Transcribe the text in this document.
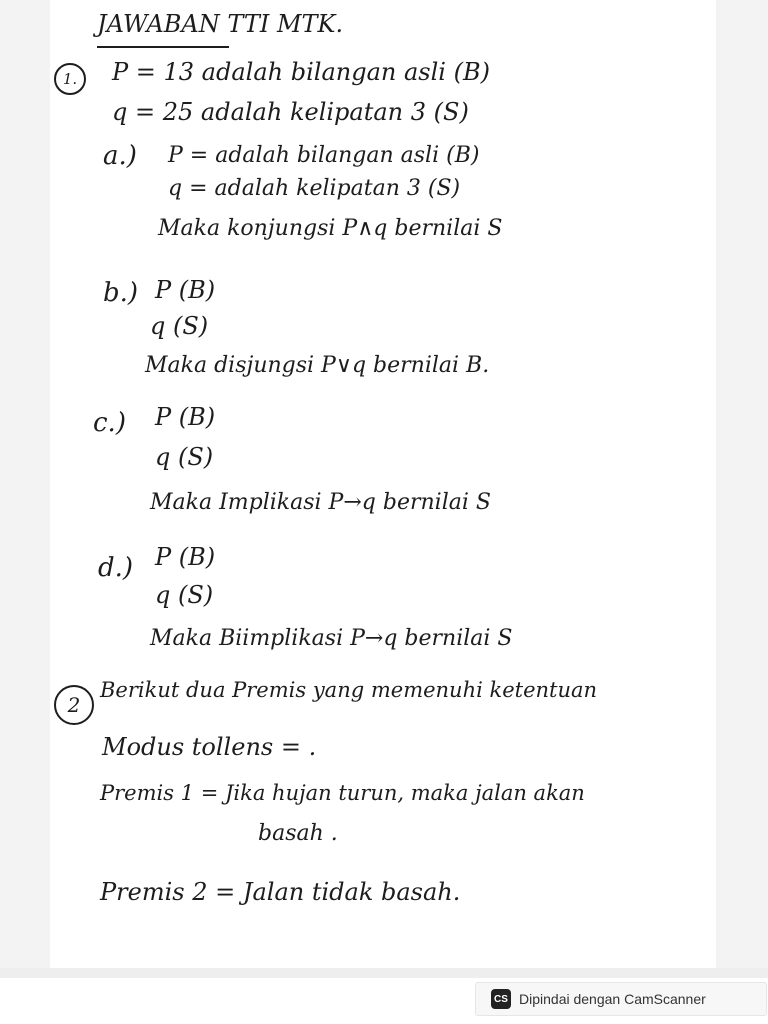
JAWABAN TTI MTK.
1.	P = 13 adalah bilangan asli (B)
q = 25 adalah kelipatan 3 (S)
a.) P = adalah bilangan asli (B)
q = adalah kelipatan 3 (S)
Maka konjungsi P∧q bernilai S
b.) P (B)
q (S)
Maka disjungsi P∨q bernilai B.
c.) P (B)
q (S)
Maka Implikasi P→q bernilai S
d.) P (B)
q (S)
Maka Biimplikasi P→q bernilai S
2
Berikut dua Premis yang memenuhi ketentuan
Modus tollens = .
Premis 1 = Jika hujan turun, maka jalan akan
basah .
Premis 2 = Jalan tidak basah.
CS Dipindai dengan CamScanner
